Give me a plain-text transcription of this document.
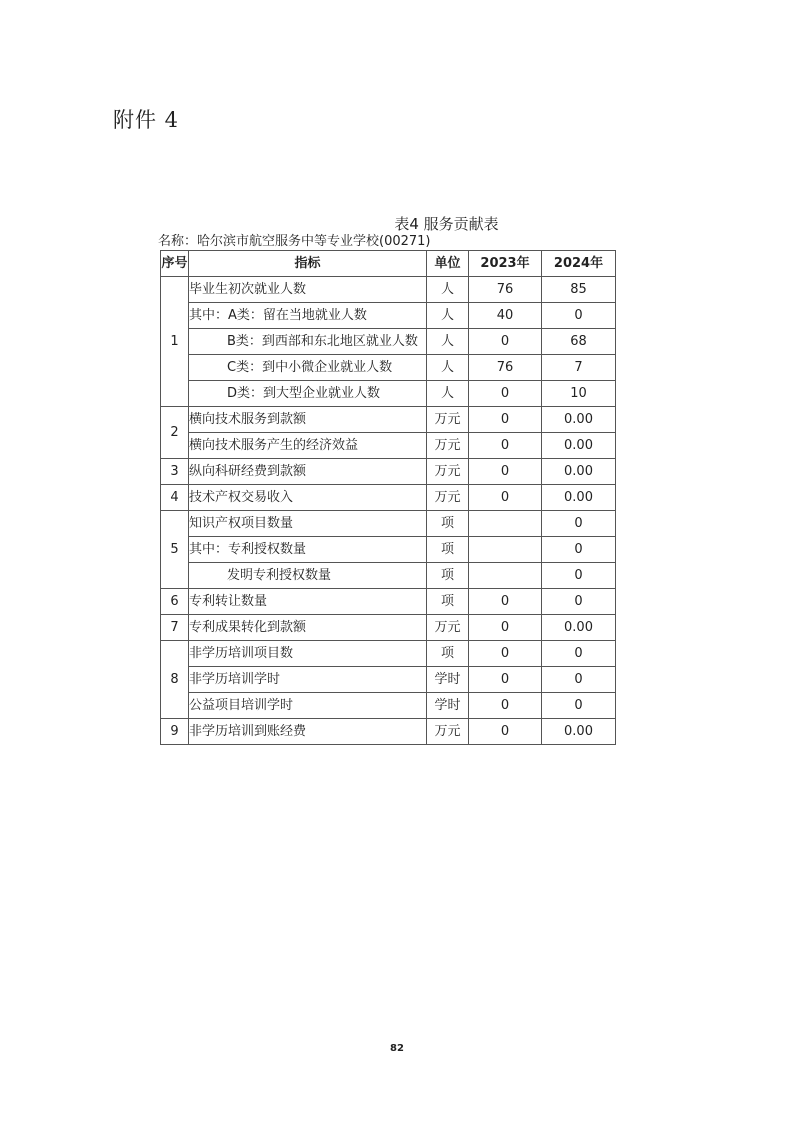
附件 4
表4 服务贡献表
名称：哈尔滨市航空服务中等专业学校(00271)
序号	指标	单位	2023年	2024年
1	毕业生初次就业人数	人	76	85
	其中：A类：留在当地就业人数	人	40	0
	B类：到西部和东北地区就业人数	人	0	68
	C类：到中小微企业就业人数	人	76	7
	D类：到大型企业就业人数	人	0	10
2	横向技术服务到款额	万元	0	0.00
	横向技术服务产生的经济效益	万元	0	0.00
3	纵向科研经费到款额	万元	0	0.00
4	技术产权交易收入	万元	0	0.00
5	知识产权项目数量	项		0
	其中：专利授权数量	项		0
	发明专利授权数量	项		0
6	专利转让数量	项	0	0
7	专利成果转化到款额	万元	0	0.00
8	非学历培训项目数	项	0	0
	非学历培训学时	学时	0	0
	公益项目培训学时	学时	0	0
9	非学历培训到账经费	万元	0	0.00
82
